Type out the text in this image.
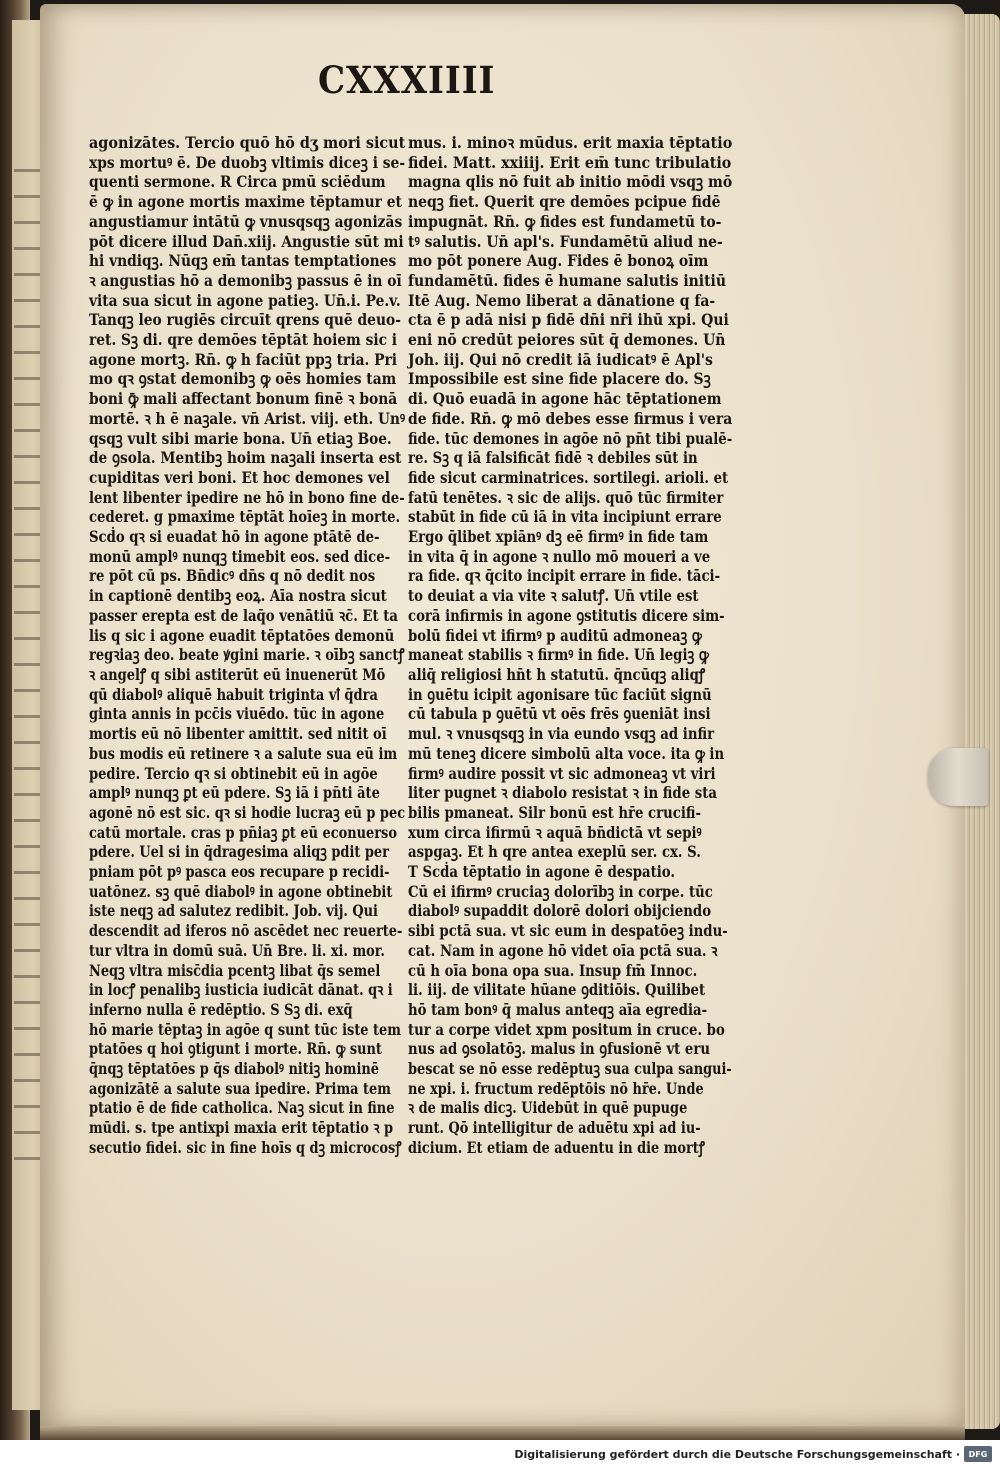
CXXXIIII
agonizātes. Tercio quō hō dʒ mori sicut
xps mortuꝰ ē. De duobꝫ vltimis diceꝫ i se-
quenti sermone. R Circa pmū sciēdum
ē ꝙ in agone mortis maxime tēptamur et
angustiamur intātū ꝙ vnusqsqꝫ agonizās
pōt dicere illud Dan̄.xiij. Angustie sūt mi
hi vndiqꝫ. Nūqꝫ em̄ tantas temptationes
ꝛ angustias hō a demonibꝫ passus ē in oī
vita sua sicut in agone patieꝫ. Un̄.i. Pe.v.
Tanqꝫ leo rugiēs circuīt qrens quē deuo-
ret. Sꝫ di. qre demōes tēptāt hoiem sic i
agone mortꝫ. Rn̄. ꝙ h faciūt ppꝫ tria. Pri
mo qꝛ ꝯstat demonibꝫ ꝙ oēs homies tam
boni ꝙ̄ mali affectant bonum finē ꝛ bonā
mortē. ꝛ h ē naꝫale. vn̄ Arist. viij. eth. Unꝰ
qsqꝫ vult sibi marie bona. Un̄ etiaꝫ Boe.
de ꝯsola. Mentibꝫ hoim naꝫali inserta est
cupiditas veri boni. Et hoc demones vel
lent libenter ipedire ne hō in bono fine de-
cederet. g pmaxime tēptāt hoīeꝫ in morte.
Scḋo qꝛ si euadat hō in agone ptātē de-
monū amplꝰ nunqꝫ timebit eos. sed dice-
re pōt cū ps. Bn̄dicꝰ dn̄s q nō dedit nos
in captionē dentibꝫ eoꝝ. Aīa nostra sicut
passer erepta est de laq̄o venātiū ꝛc̄. Et ta
lis q sic i agone euadit tēptatōes demonū
regꝛiaꝫ deo. beate ꝟgini marie. ꝛ oībꝫ sanctꝭ
ꝛ angelꝭ q sibi astiterūt eū inuenerūt Mō
qū diabolꝰ aliquē habuit triginta vꝉ q̄dra
ginta annis in pcc̄is viuēdo. tūc in agone
mortis eū nō libenter amittit. sed nitit oī
bus modis eū retinere ꝛ a salute sua eū im
pedire. Tercio qꝛ si obtinebit eū in agōe
amplꝰ nunqꝫ ꝑt eū pdere. Sꝫ iā i pn̄ti āte
agonē nō est sic. qꝛ si hodie lucraꝫ eū p pec
catū mortale. cras p pn̄iaꝫ ꝑt eū econuerso
pdere. Uel si in q̄dragesima aliqꝫ pdit per
pniam pōt pꝰ pasca eos recupare p recidi-
uatōnez. sꝫ quē diabolꝰ in agone obtinebit
iste neqꝫ ad salutez redibit. Job. vij. Qui
descendit ad iferos nō ascēdet nec reuerte-
tur vltra in domū suā. Un̄ Bre. li. xi. mor.
Neqꝫ vltra misc̄dia pcentꝫ libat q̄s semel
in locꝭ penalibꝫ iusticia iudicāt dānat. qꝛ i
inferno nulla ē redēptio. S Sꝫ di. exq̄
hō marie tēptaꝫ in agōe q sunt tūc iste tem
ptatōes q hoi ꝯtigunt i morte. Rn̄. ꝙ sunt
q̄nqꝫ tēptatōes p q̄s diabolꝰ nitiꝫ hominē
agonizātē a salute sua ipedire. Prima tem
ptatio ē de fide catholica. Naꝫ sicut in fine
mūdi. s. tpe antixpi maxia erit tēptatio ꝛ p
secutio fidei. sic in fine hoīs q dꝫ microcosꝭ
mus. i. minoꝛ mūdus. erit maxia tēptatio
fidei. Matt. xxiiij. Erit em̄ tunc tribulatio
magna qlis nō fuit ab initio mōdi vsqꝫ mō
neqꝫ fiet. Querit qre demōes pcipue fidē
impugnāt. Rn̄. ꝙ fides est fundametū to-
tꝰ salutis. Un̄ apl's. Fundamētū aliud ne-
mo pōt ponere Aug. Fides ē bonoꝝ oīm
fundamētū. fides ē humane salutis initiū
Itē Aug. Nemo liberat a dānatione q fa-
cta ē p adā nisi p fidē dn̄i nr̄i ihū xpi. Qui
eni nō credūt peiores sūt q̄ demones. Un̄
Joh. iij. Qui nō credit iā iudicatꝰ ē Apl's
Impossibile est sine fide placere do. Sꝫ
di. Quō euadā in agone hāc tēptationem
de fide. Rn̄. ꝙ mō debes esse firmus i vera
fide. tūc demones in agōe nō pn̄t tibi pualē-
re. Sꝫ q iā falsificāt fidē ꝛ debiles sūt in
fide sicut carminatrices. sortilegi. arioli. et
fatū tenētes. ꝛ sic de alijs. quō tūc firmiter
stabūt in fide cū iā in vita incipiunt errare
Ergo q̄libet xpiānꝰ dꝫ eē firmꝰ in fide tam
in vita q̄ in agone ꝛ nullo mō moueri a ve
ra fide. qꝛ q̄cito incipit errare in fide. tāci-
to deuiat a via vite ꝛ salutꝭ. Un̄ vtile est
corā infirmis in agone ꝯstitutis dicere sim-
bolū fidei vt ifirmꝰ p auditū admoneaꝫ ꝙ
maneat stabilis ꝛ firmꝰ in fide. Un̄ legiꝫ ꝙ
aliq̄ religiosi hn̄t h statutū. q̄ncūqꝫ aliqꝭ
in ꝯuētu icipit agonisare tūc faciūt signū
cū tabula p ꝯuētū vt oēs frēs ꝯueniāt insi
mul. ꝛ vnusqsqꝫ in via eundo vsqꝫ ad infir
mū teneꝫ dicere simbolū alta voce. ita ꝙ in
firmꝰ audire possit vt sic admoneaꝫ vt viri
liter pugnet ꝛ diabolo resistat ꝛ in fide sta
bilis pmaneat. Silr bonū est hr̄e crucifi-
xum circa ifirmū ꝛ aquā bn̄dictā vt sepiꝰ
aspgaꝫ. Et h qre antea exeplū ser. cx. S.
T Scḋa tēptatio in agone ē despatio.
Cū ei ifirmꝰ cruciaꝫ dolorībꝫ in corpe. tūc
diabolꝰ supaddit dolorē dolori obijciendo
sibi pctā sua. vt sic eum in despatōeꝫ indu-
cat. Nam in agone hō videt oīa pctā sua. ꝛ
cū h oīa bona opa sua. Insup fm̄ Innoc.
li. iij. de vilitate hūane ꝯditiōis. Quilibet
hō tam bonꝰ q̄ malus anteqꝫ aīa egredia-
tur a corpe videt xpm positum in cruce. bo
nus ad ꝯsolatōꝫ. malus in ꝯfusionē vt eru
bescat se nō esse redēptuꝫ sua culpa sangui-
ne xpi. i. fructum redēptōis nō hr̄e. Unde
ꝛ de malis dicꝫ. Uidebūt in quē pupuge
runt. Qō intelligitur de aduētu xpi ad iu-
dicium. Et etiam de aduentu in die mortꝭ
Digitalisierung gefördert durch die Deutsche Forschungsgemeinschaft ·	DFG
